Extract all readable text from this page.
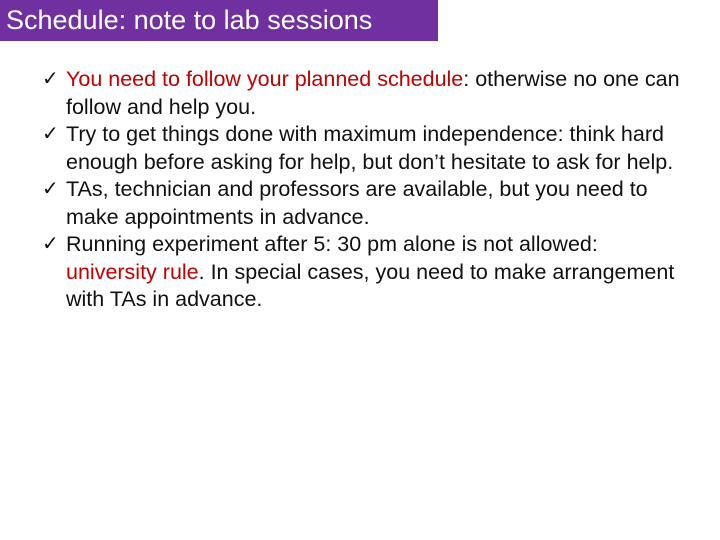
Schedule: note to lab sessions
✓ You need to follow your planned schedule: otherwise no one can follow and help you.
✓ Try to get things done with maximum independence: think hard enough before asking for help, but don’t hesitate to ask for help.
✓ TAs, technician and professors are available, but you need to make appointments in advance.
✓ Running experiment after 5: 30 pm alone is not allowed: university rule. In special cases, you need to make arrangement with TAs in advance.
